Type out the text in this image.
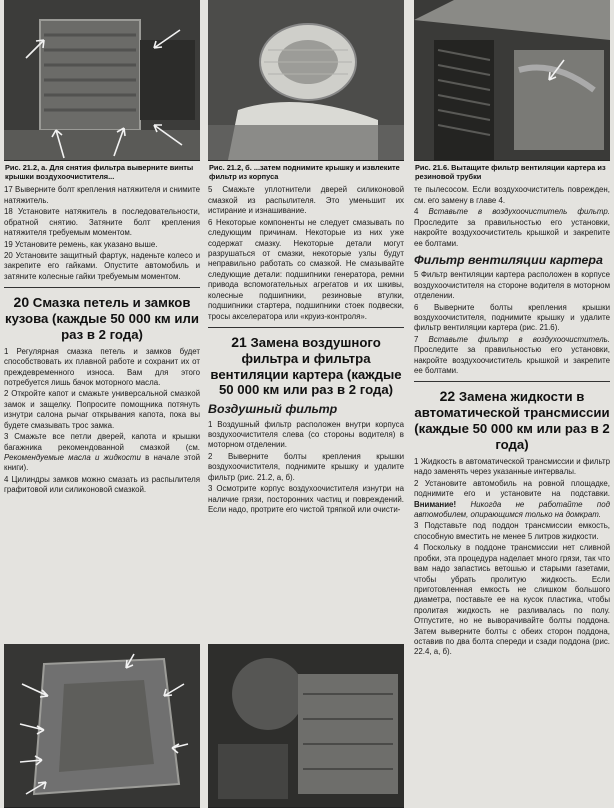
Рис. 21.2, а. Для снятия фильтра выверните винты крышки воздухоочистителя...
17 Выверните болт крепления натяжителя и снимите натяжитель.
18 Установите натяжитель в последовательности, обратной снятию. Затяните болт крепления натяжителя требуемым моментом.
19 Установите ремень, как указано выше.
20 Установите защитный фартук, наденьте колесо и закрепите его гайками. Опустите автомобиль и затяните колесные гайки требуемым моментом.
20 Смазка петель и замков кузова (каждые 50 000 км или раз в 2 года)
1 Регулярная смазка петель и замков будет способствовать их плавной работе и сохранит их от преждевременного износа. Вам для этого потребуется лишь бачок моторного масла.
2 Откройте капот и смажьте универсальной смазкой замок и защелку. Попросите помощника потянуть изнутри салона рычаг открывания капота, пока вы будете смазывать трос замка.
3 Смажьте все петли дверей, капота и крышки багажника рекомендованной смазкой (см. Рекомендуемые масла и жидкости в начале этой книги).
4 Цилиндры замков можно смазать из распылителя графитовой или силиконовой смазкой.
Рис. 21.2, б. ...затем поднимите крышку и извлеките фильтр из корпуса
5 Смажьте уплотнители дверей силиконовой смазкой из распылителя. Это уменьшит их истирание и изнашивание.
6 Некоторые компоненты не следует смазывать по следующим причинам. Некоторые из них уже содержат смазку. Некоторые детали могут разрушаться от смазки, некоторые узлы будут неправильно работать со смазкой. Не смазывайте следующие детали: подшипники генератора, ремни привода вспомогательных агрегатов и их шкивы, колесные подшипники, резиновые втулки, подшипники стартера, подшипники стоек подвески, тросы акселератора или «круиз-контроля».
21 Замена воздушного фильтра и фильтра вентиляции картера (каждые 50 000 км или раз в 2 года)
Воздушный фильтр
1 Воздушный фильтр расположен внутри корпуса воздухоочистителя слева (со стороны водителя) в моторном отделении.
2 Выверните болты крепления крышки воздухоочистителя, поднимите крышку и удалите фильтр (рис. 21.2, а, б).
3 Осмотрите корпус воздухоочистителя изнутри на наличие грязи, посторонних частиц и повреждений. Если надо, протрите его чистой тряпкой или очисти-
Рис. 21.6. Вытащите фильтр вентиляции картера из резиновой трубки
те пылесосом. Если воздухоочиститель поврежден, см. его замену в главе 4.
4 Вставьте в воздухоочиститель фильтр. Проследите за правильностью его установки, накройте воздухоочиститель крышкой и закрепите ее болтами.
Фильтр вентиляции картера
5 Фильтр вентиляции картера расположен в корпусе воздухоочистителя на стороне водителя в моторном отделении.
6 Выверните болты крепления крышки воздухоочистителя, поднимите крышку и удалите фильтр вентиляции картера (рис. 21.6).
7 Вставьте фильтр в воздухоочиститель. Проследите за правильностью его установки, накройте воздухоочиститель крышкой и закрепите ее болтами.
22 Замена жидкости в автоматической трансмиссии (каждые 50 000 км или раз в 2 года)
1 Жидкость в автоматической трансмиссии и фильтр надо заменять через указанные интервалы.
2 Установите автомобиль на ровной площадке, поднимите его и установите на подставки. Внимание! Никогда не работайте под автомобилем, опирающимся только на домкрат.
3 Подставьте под поддон трансмиссии емкость, способную вместить не менее 5 литров жидкости.
4 Поскольку в поддоне трансмиссии нет сливной пробки, эта процедура наделает много грязи, так что вам надо запастись ветошью и старыми газетами, чтобы убрать пролитую жидкость. Если приготовленная емкость не слишком большого диаметра, поставьте ее на кусок пластика, чтобы пролитая жидкость не разливалась по полу. Отпустите, но не выворачивайте болты поддона. Затем выверните болты с обеих сторон поддона, оставив по два болта спереди и сзади поддона (рис. 22.4, а, б).
